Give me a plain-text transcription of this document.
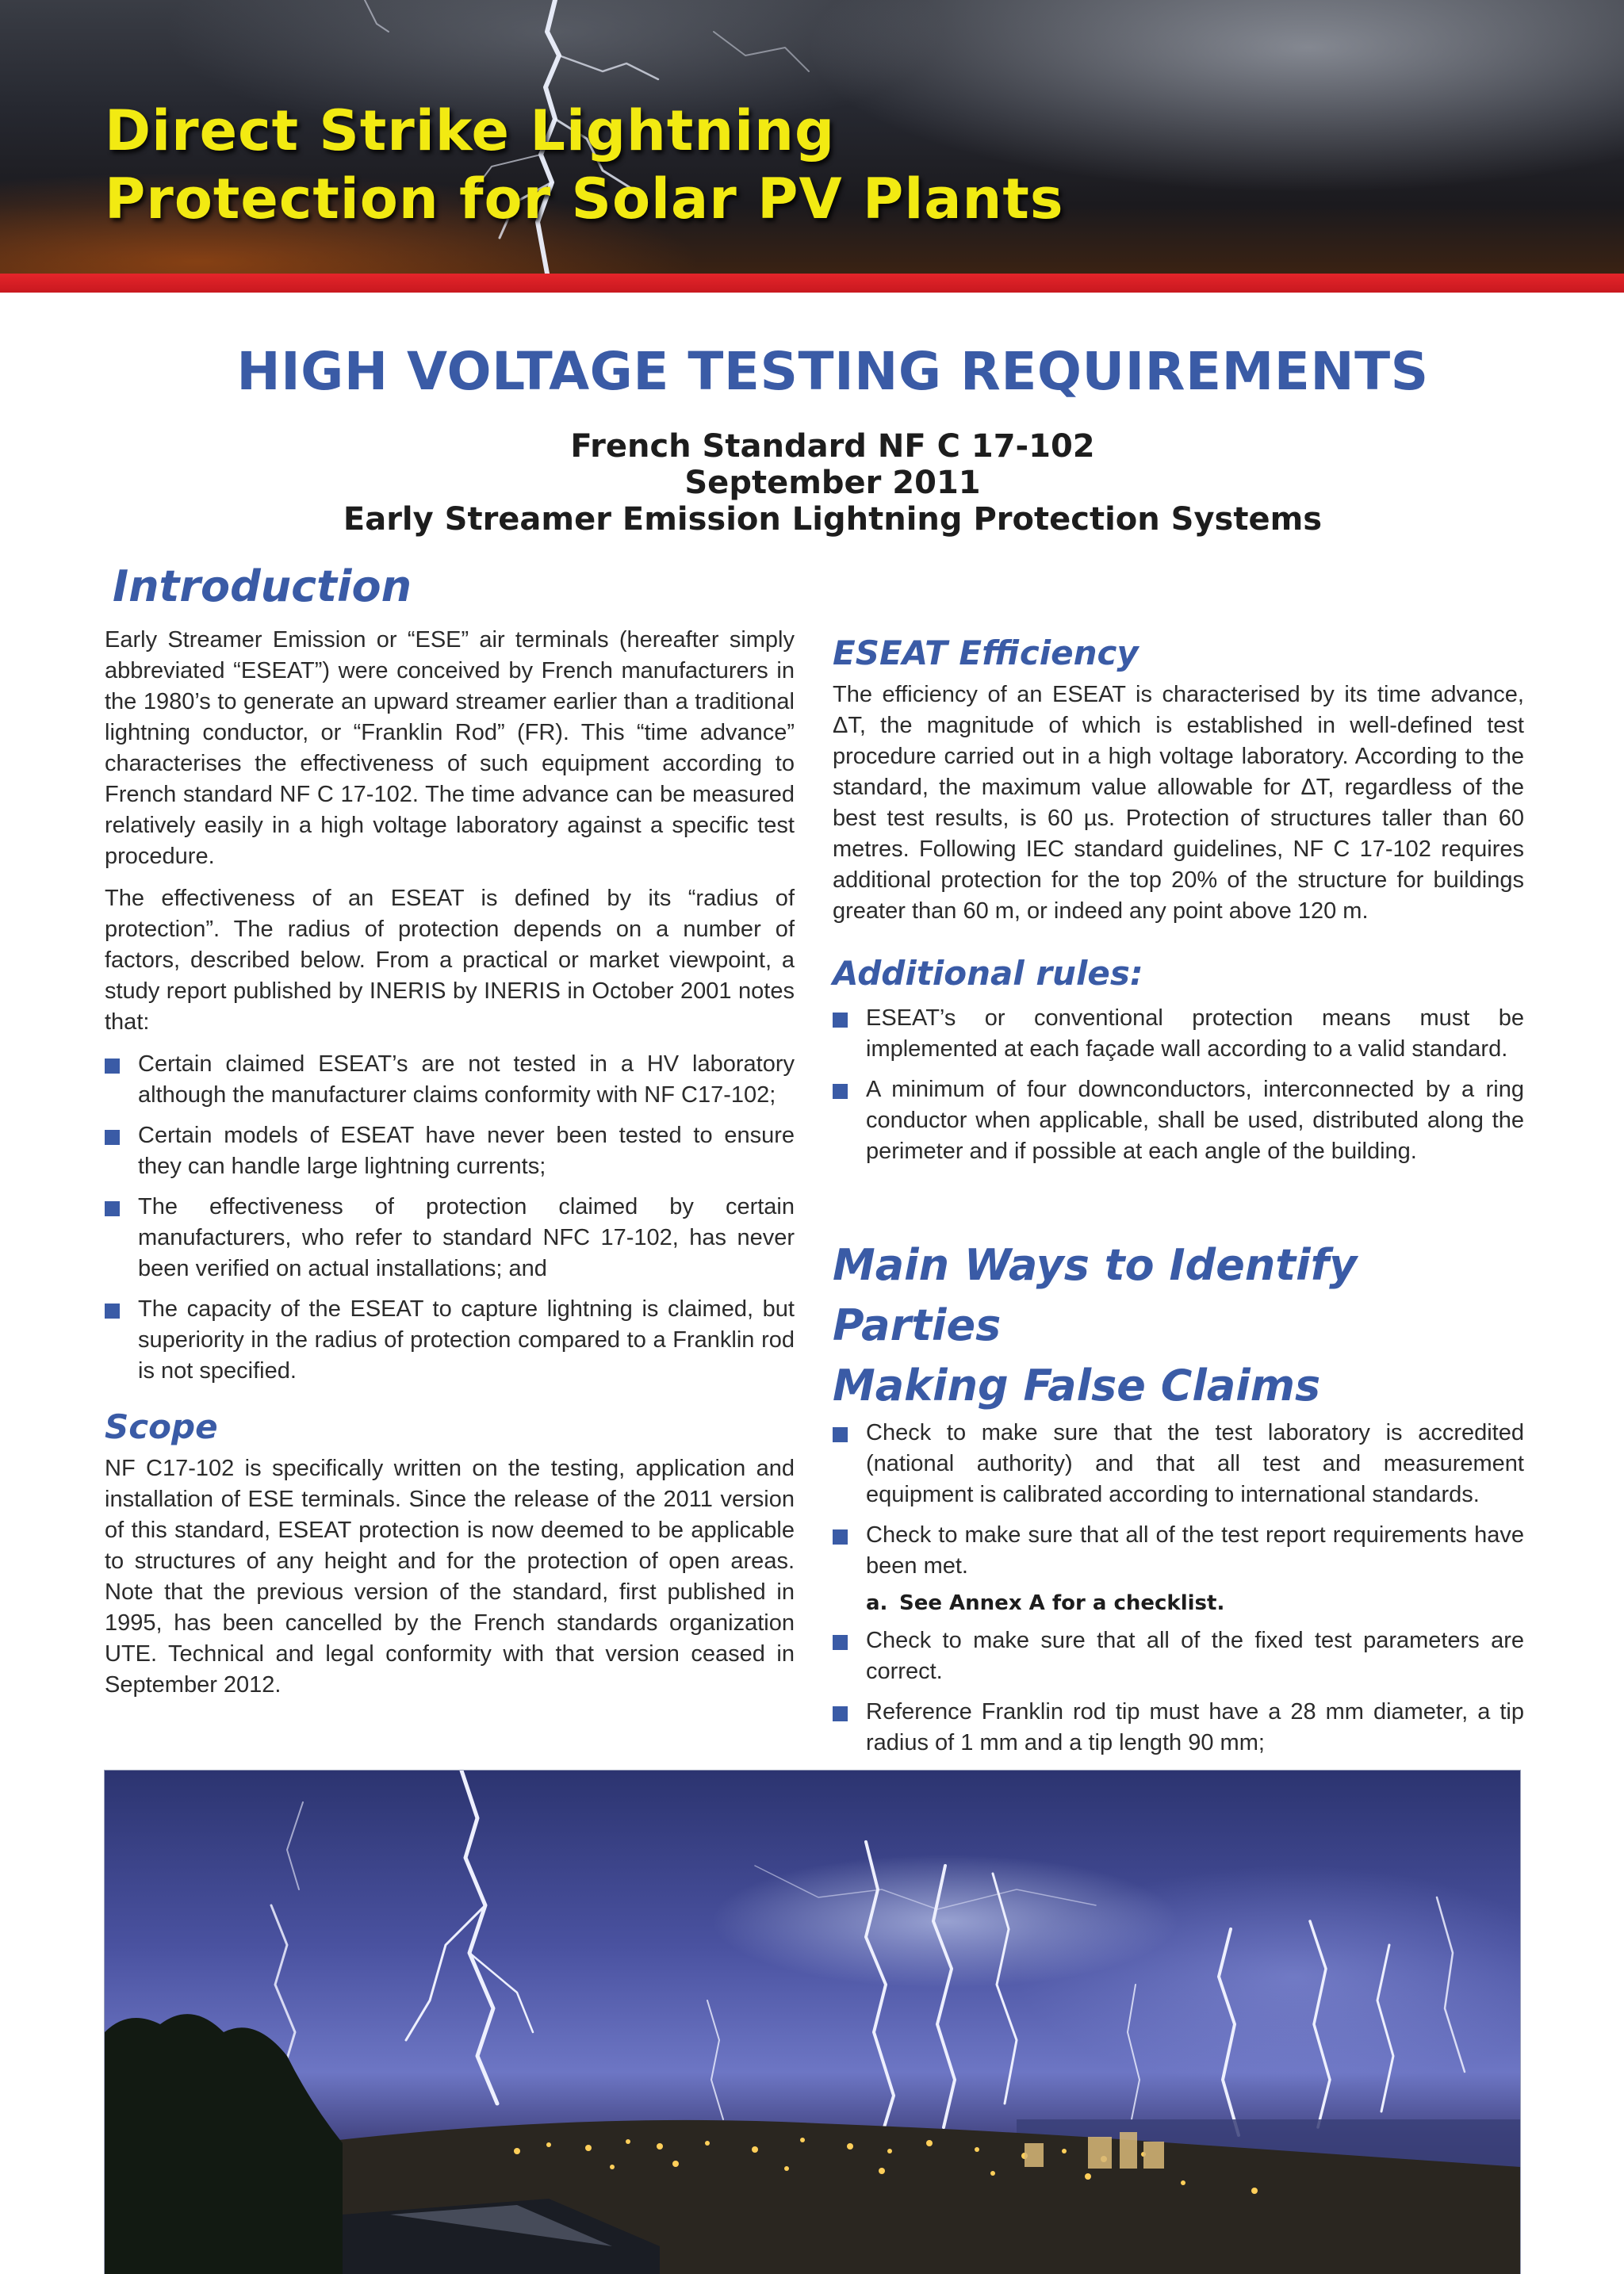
Direct Strike Lightning
Protection for Solar PV Plants
HIGH VOLTAGE TESTING REQUIREMENTS
French Standard NF C 17-102
September 2011
Early Streamer Emission Lightning Protection Systems
Introduction

Early Streamer Emission or “ESE” air terminals (hereafter simply abbreviated “ESEAT”) were conceived by French manufacturers in the 1980’s to generate an upward streamer earlier than a traditional lightning conductor, or “Franklin Rod” (FR). This “time advance” characterises the effectiveness of such equipment according to French standard NF C 17-102. The time advance can be measured relatively easily in a high voltage laboratory against a specific test procedure.

The effectiveness of an ESEAT is defined by its “radius of protection”. The radius of protection depends on a number of factors, described below. From a practical or market viewpoint, a study report published by INERIS by INERIS in October 2001 notes that:

Certain claimed ESEAT’s are not tested in a HV laboratory although the manufacturer claims conformity with NF C17-102;
Certain models of ESEAT have never been tested to ensure they can handle large lightning currents;
The effectiveness of protection claimed by certain manufacturers, who refer to standard NFC 17-102, has never been verified on actual installations; and
The capacity of the ESEAT to capture lightning is claimed, but superiority in the radius of protection compared to a Franklin rod is not specified.
Scope

NF C17-102 is specifically written on the testing, application and installation of ESE terminals. Since the release of the 2011 version of this standard, ESEAT protection is now deemed to be applicable to structures of any height and for the protection of open areas. Note that the previous version of the standard, first published in 1995, has been cancelled by the French standards organization UTE. Technical and legal conformity with that version ceased in September 2012.

ESEAT Efficiency

The efficiency of an ESEAT is characterised by its time advance, ΔT, the magnitude of which is established in well-defined test procedure carried out in a high voltage laboratory. According to the standard, the maximum value allowable for ΔT, regardless of the best test results, is 60 µs. Protection of structures taller than 60 metres. Following IEC standard guidelines, NF C 17-102 requires additional protection for the top 20% of the structure for buildings greater than 60 m, or indeed any point above 120 m.

Additional rules:
ESEAT’s or conventional protection means must be implemented at each façade wall according to a valid standard.
A minimum of four downconductors, interconnected by a ring conductor when applicable, shall be used, distributed along the perimeter and if possible at each angle of the building.
Main Ways to Identify Parties
Making False Claims
Check to make sure that the test laboratory is accredited (national authority) and that all test and measurement equipment is calibrated according to international standards.
Check to make sure that all of the test report requirements have been met.
a. See Annex A for a checklist.
Check to make sure that all of the fixed test parameters are correct.
Reference Franklin rod tip must have a 28 mm diameter, a tip radius of 1 mm and a tip length 90 mm;
